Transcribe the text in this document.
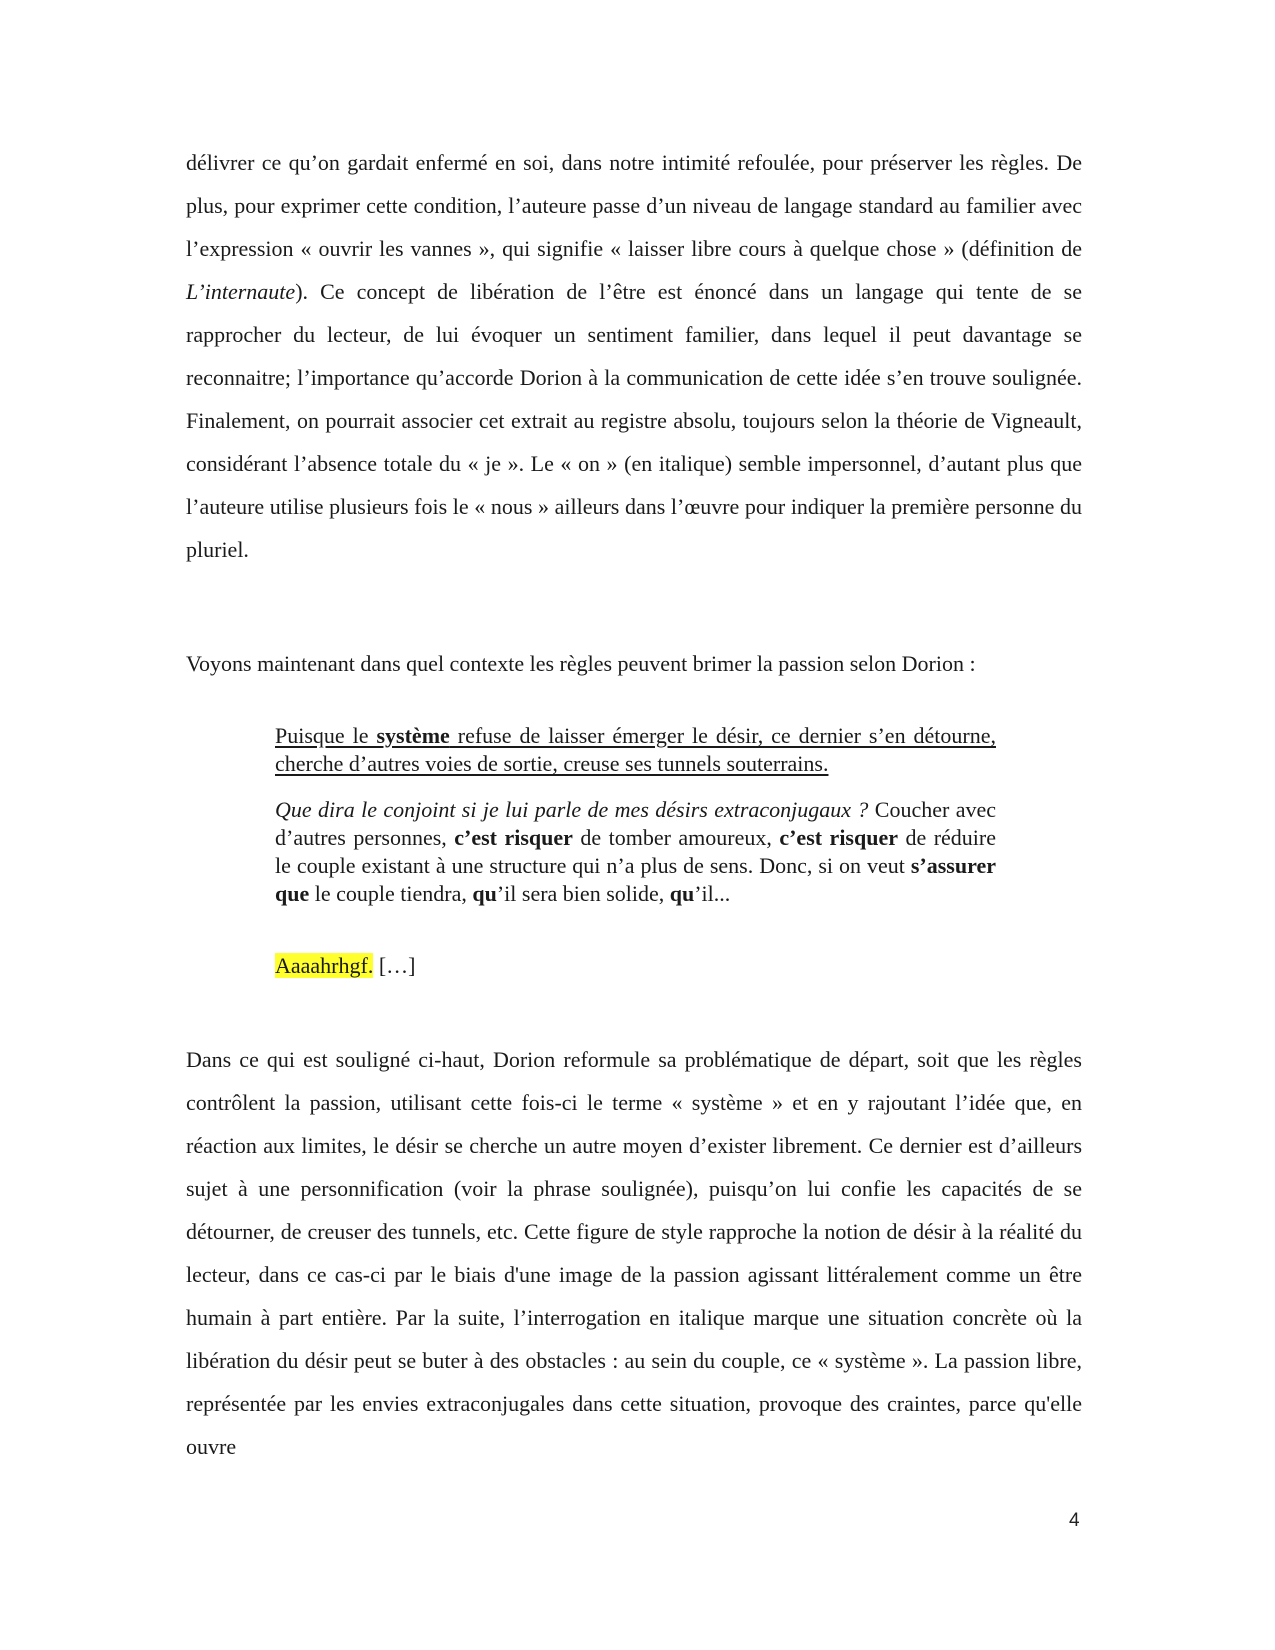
délivrer ce qu’on gardait enfermé en soi, dans notre intimité refoulée, pour préserver les règles. De plus, pour exprimer cette condition, l’auteure passe d’un niveau de langage standard au familier avec l’expression « ouvrir les vannes », qui signifie « laisser libre cours à quelque chose » (définition de L’internaute). Ce concept de libération de l’être est énoncé dans un langage qui tente de se rapprocher du lecteur, de lui évoquer un sentiment familier, dans lequel il peut davantage se reconnaitre; l’importance qu’accorde Dorion à la communication de cette idée s’en trouve soulignée. Finalement, on pourrait associer cet extrait au registre absolu, toujours selon la théorie de Vigneault, considérant l’absence totale du « je ». Le « on » (en italique) semble impersonnel, d’autant plus que l’auteure utilise plusieurs fois le « nous » ailleurs dans l’œuvre pour indiquer la première personne du pluriel.

Voyons maintenant dans quel contexte les règles peuvent brimer la passion selon Dorion :

Puisque le système refuse de laisser émerger le désir, ce dernier s’en détourne, cherche d’autres voies de sortie, creuse ses tunnels souterrains.

Que dira le conjoint si je lui parle de mes désirs extraconjugaux ? Coucher avec d’autres personnes, c’est risquer de tomber amoureux, c’est risquer de réduire le couple existant à une structure qui n’a plus de sens. Donc, si on veut s’assurer que le couple tiendra, qu’il sera bien solide, qu’il...

Aaaahrhgf. […]

Dans ce qui est souligné ci-haut, Dorion reformule sa problématique de départ, soit que les règles contrôlent la passion, utilisant cette fois-ci le terme « système » et en y rajoutant l’idée que, en réaction aux limites, le désir se cherche un autre moyen d’exister librement. Ce dernier est d’ailleurs sujet à une personnification (voir la phrase soulignée), puisqu’on lui confie les capacités de se détourner, de creuser des tunnels, etc. Cette figure de style rapproche la notion de désir à la réalité du lecteur, dans ce cas-ci par le biais d'une image de la passion agissant littéralement comme un être humain à part entière. Par la suite, l’interrogation en italique marque une situation concrète où la libération du désir peut se buter à des obstacles : au sein du couple, ce « système ». La passion libre, représentée par les envies extraconjugales dans cette situation, provoque des craintes, parce qu'elle ouvre

4
